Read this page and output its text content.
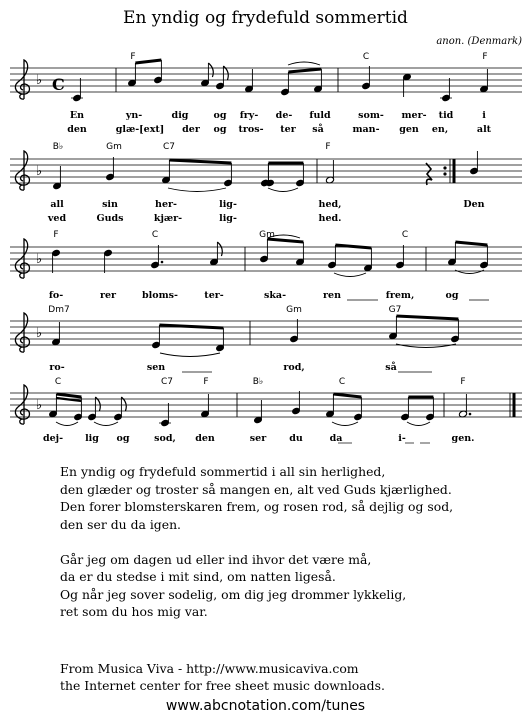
♭ C
♭
♭
♭
♭
En yndig og frydefuld sommertid
anon. (Denmark)
F	C	F
B♭	Gm	C7	F
F	C	Gm	C
Dm7	Gm	G7
C	C7	F	B♭	C	F
En	yn-	dig	og fry- de- fuld	som- mer- tid	i
den	glæ-[ext] der og tros- ter så	man- gen en,	alt
all	sin	her-	lig-	hed,	Den
ved	Guds	kjær-	lig-	hed.
fo-	rer	bloms-	ter-	ska-	ren	frem,	og
ro-	sen	rod,	så
dej- lig og	sod, den	ser du	da	i-	gen.
En yndig og frydefuld sommertid i all sin herlighed,
den glæder og troster så mangen en, alt ved Guds kjærlighed.
Den forer blomsterskaren frem, og rosen rod, så dejlig og sod,
den ser du da igen.
Går jeg om dagen ud eller ind ihvor det være må,
da er du stedse i mit sind, om natten ligeså.
Og når jeg sover sodelig, om dig jeg drommer lykkelig,
ret som du hos mig var.
From Musica Viva - http://www.musicaviva.com
the Internet center for free sheet music downloads.
www.abcnotation.com/tunes
